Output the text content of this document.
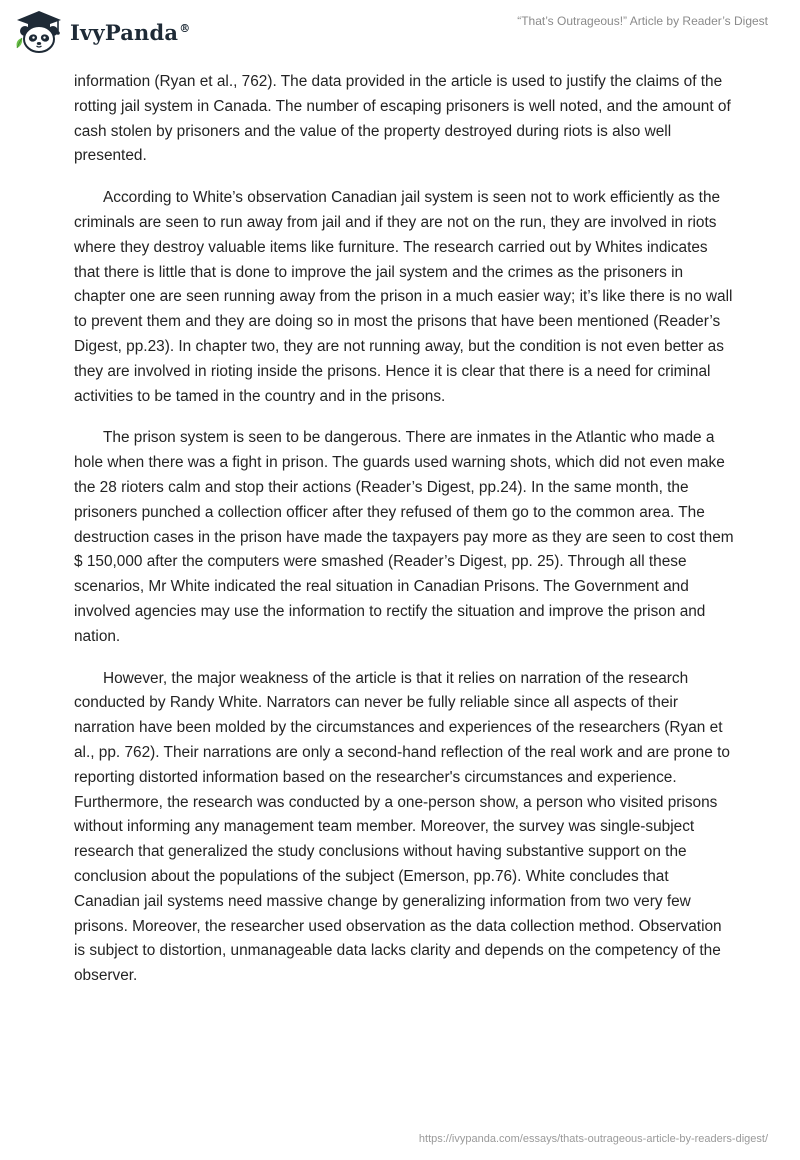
IvyPanda®	“That’s Outrageous!” Article by Reader’s Digest

information (Ryan et al., 762). The data provided in the article is used to justify the claims of the rotting jail system in Canada. The number of escaping prisoners is well noted, and the amount of cash stolen by prisoners and the value of the property destroyed during riots is also well presented.

According to White’s observation Canadian jail system is seen not to work efficiently as the criminals are seen to run away from jail and if they are not on the run, they are involved in riots where they destroy valuable items like furniture. The research carried out by Whites indicates that there is little that is done to improve the jail system and the crimes as the prisoners in chapter one are seen running away from the prison in a much easier way; it’s like there is no wall to prevent them and they are doing so in most the prisons that have been mentioned (Reader’s Digest, pp.23). In chapter two, they are not running away, but the condition is not even better as they are involved in rioting inside the prisons. Hence it is clear that there is a need for criminal activities to be tamed in the country and in the prisons.

The prison system is seen to be dangerous. There are inmates in the Atlantic who made a hole when there was a fight in prison. The guards used warning shots, which did not even make the 28 rioters calm and stop their actions (Reader’s Digest, pp.24). In the same month, the prisoners punched a collection officer after they refused of them go to the common area. The destruction cases in the prison have made the taxpayers pay more as they are seen to cost them $ 150,000 after the computers were smashed (Reader’s Digest, pp. 25). Through all these scenarios, Mr White indicated the real situation in Canadian Prisons. The Government and involved agencies may use the information to rectify the situation and improve the prison and nation.

However, the major weakness of the article is that it relies on narration of the research conducted by Randy White. Narrators can never be fully reliable since all aspects of their narration have been molded by the circumstances and experiences of the researchers (Ryan et al., pp. 762). Their narrations are only a second-hand reflection of the real work and are prone to reporting distorted information based on the researcher's circumstances and experience. Furthermore, the research was conducted by a one-person show, a person who visited prisons without informing any management team member. Moreover, the survey was single-subject research that generalized the study conclusions without having substantive support on the conclusion about the populations of the subject (Emerson, pp.76). White concludes that Canadian jail systems need massive change by generalizing information from two very few prisons. Moreover, the researcher used observation as the data collection method. Observation is subject to distortion, unmanageable data lacks clarity and depends on the competency of the observer.

https://ivypanda.com/essays/thats-outrageous-article-by-readers-digest/
